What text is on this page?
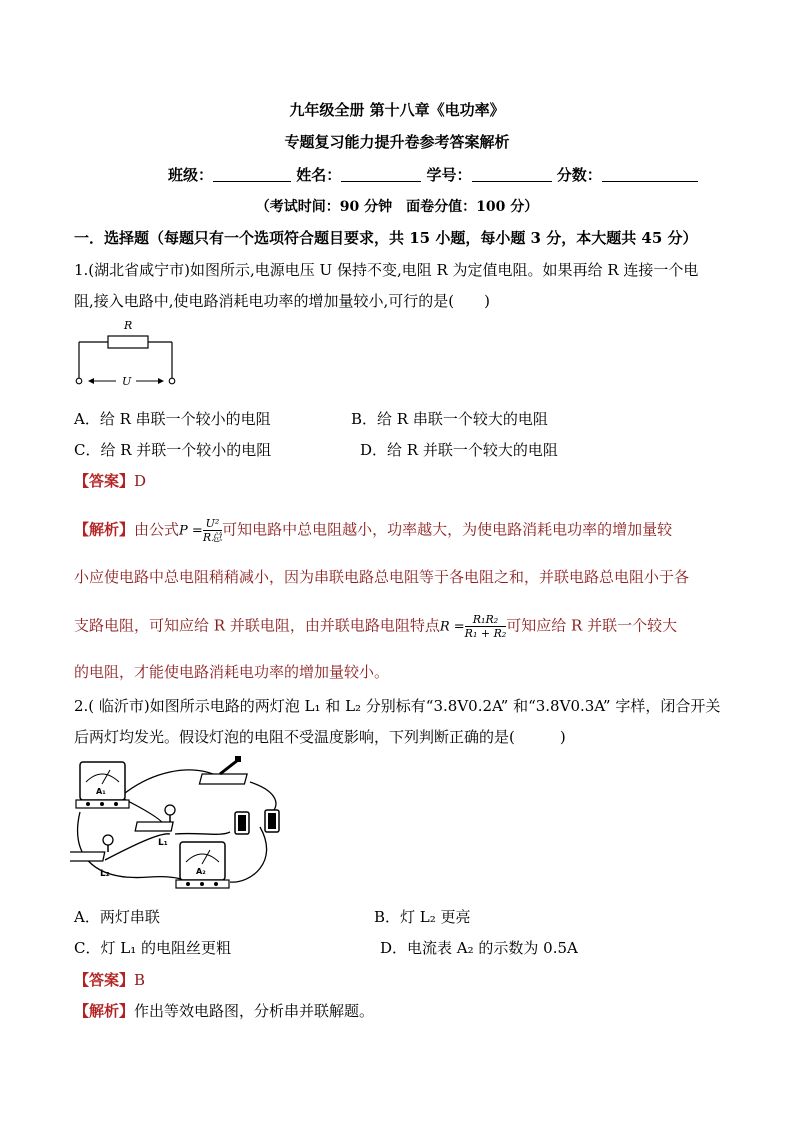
九年级全册 第十八章《电功率》
专题复习能力提升卷参考答案解析
班级：	姓名：	学号：	分数：
（考试时间：90 分钟　面卷分值：100 分）
一．选择题（每题只有一个选项符合题目要求，共 15 小题，每小题 3 分，本大题共 45 分）
1.(湖北省咸宁市)如图所示,电源电压 U 保持不变,电阻 R 为定值电阻。如果再给 R 连接一个电
阻,接入电路中,使电路消耗电功率的增加量较小,可行的是(　　)
R
U
A．给 R 串联一个较小的电阻	B．给 R 串联一个较大的电阻
C．给 R 并联一个较小的电阻	D．给 R 并联一个较大的电阻
【答案】D
【解析】由公式$P = \frac{\text{U²}}{\text{R总}}$ 可知电路中总电阻越小，功率越大，为使电路消耗电功率的增加量较
小应使电路中总电阻稍稍减小，因为串联电路总电阻等于各电阻之和，并联电路总电阻小于各
支路电阻，可知应给 R 并联电阻，由并联电路电阻特点$R = \frac{\text{R₁R₂}}{\text{R₁ + R₂}}$ 可知应给 R 并联一个较大
的电阻，才能使电路消耗电功率的增加量较小。
2.( 临沂市)如图所示电路的两灯泡 L₁ 和 L₂ 分别标有“3.8V0.2A” 和“3.8V0.3A” 字样，闭合开关
后两灯均发光。假设灯泡的电阻不受温度影响，下列判断正确的是(　　　)
A₁
L₁
L₂	A₂
A．两灯串联	B．灯 L₂ 更亮
C．灯 L₁ 的电阻丝更粗	D．电流表 A₂ 的示数为 0.5A
【答案】B
【解析】作出等效电路图，分析串并联解题。
